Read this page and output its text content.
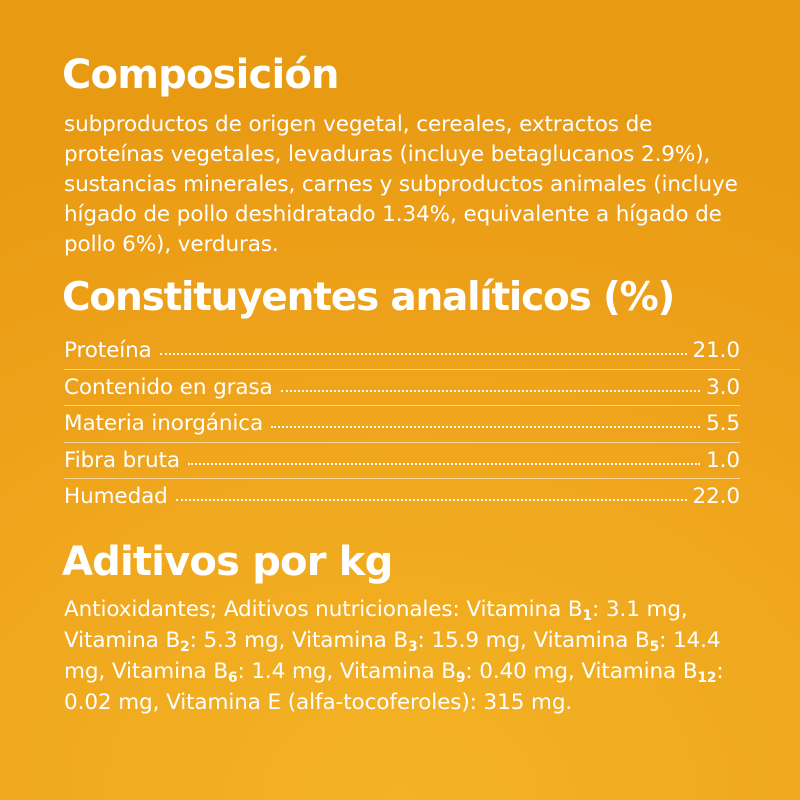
Composición

subproductos de origen vegetal, cereales, extractos de proteínas vegetales, levaduras (incluye betaglucanos 2.9%), sustancias minerales, carnes y subproductos animales (incluye hígado de pollo deshidratado 1.34%, equivalente a hígado de pollo 6%), verduras.

Constituyentes analíticos (%)
Proteína	21.0
Contenido en grasa	3.0
Materia inorgánica	5.5
Fibra bruta	1.0
Humedad	22.0
Aditivos por kg

Antioxidantes; Aditivos nutricionales: Vitamina $B_1$: 3.1 mg, Vitamina $B_2$: 5.3 mg, Vitamina $B_3$: 15.9 mg, Vitamina $B_5$: 14.4 mg, Vitamina $B_6$: 1.4 mg, Vitamina $B_9$: 0.40 mg, Vitamina $B_{12}$: 0.02 mg, Vitamina E (alfa-tocoferoles): 315 mg.
